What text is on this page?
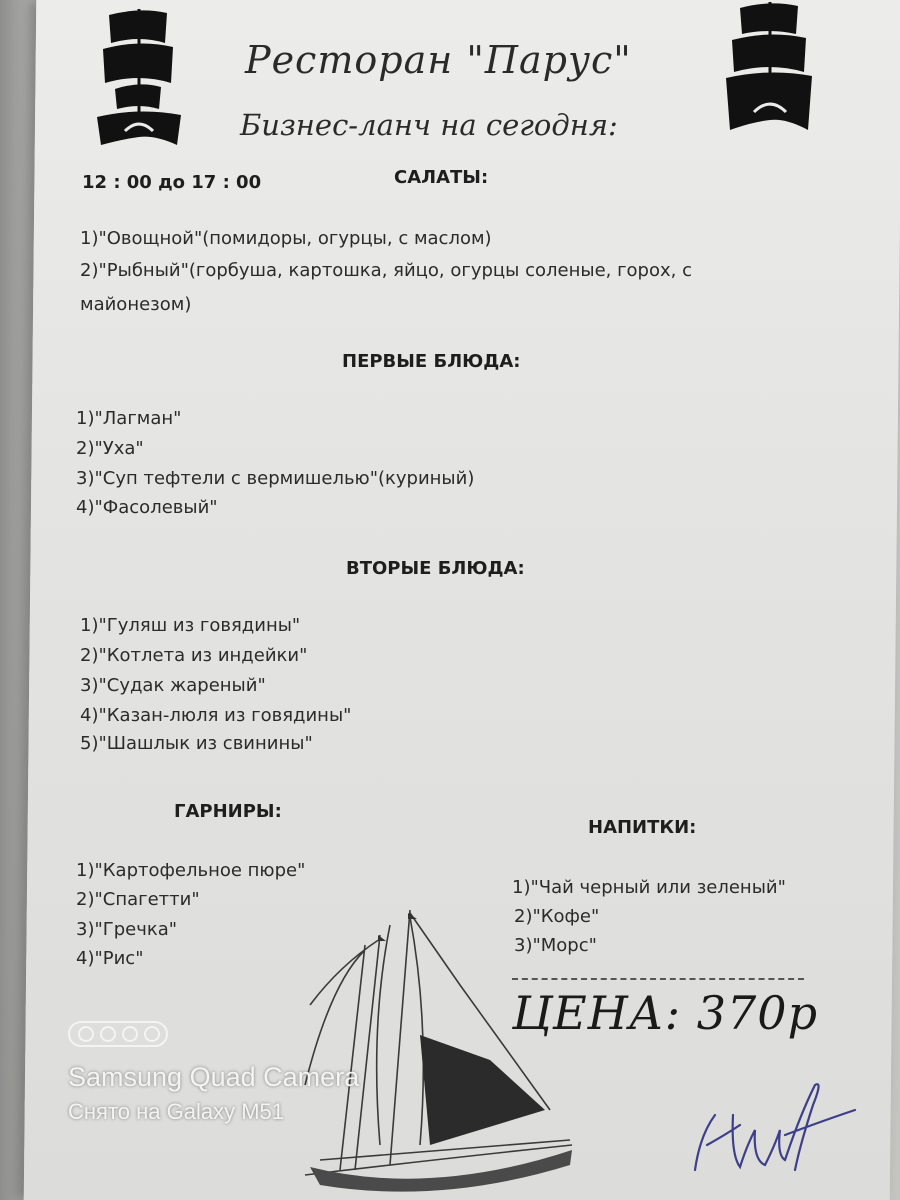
Ресторан "Парус"
Бизнес-ланч на сегодня:
12 : 00 до 17 : 00	САЛАТЫ:
1)"Овощной"(помидоры, огурцы, с маслом)
2)"Рыбный"(горбуша, картошка, яйцо, огурцы соленые, горох, с
майонезом)
ПЕРВЫЕ БЛЮДА:
1)"Лагман"
2)"Уха"
3)"Суп тефтели с вермишелью"(куриный)
4)"Фасолевый"
ВТОРЫЕ БЛЮДА:
1)"Гуляш из говядины"
2)"Котлета из индейки"
3)"Судак жареный"
4)"Казан-люля из говядины"
5)"Шашлык из свинины"
ГАРНИРЫ:
1)"Картофельное пюре"
2)"Спагетти"
3)"Гречка"
4)"Рис"
НАПИТКИ:
1)"Чай черный или зеленый"
2)"Кофе"
3)"Морс"
ЦЕНА: 370р
Samsung Quad Camera
Снято на Galaxy M51
